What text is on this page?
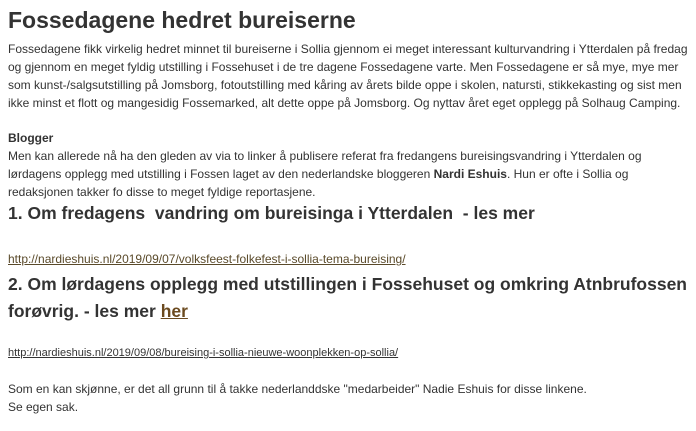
Fossedagene hedret bureiserne

Fossedagene fikk virkelig hedret minnet til bureiserne i Sollia gjennom ei meget interessant kulturvandring i Ytterdalen på fredag og gjennom en meget fyldig utstilling i Fossehuset i de tre dagene Fossedagene varte. Men Fossedagene er så mye, mye mer som kunst-/salgsutstilling på Jomsborg, fotoutstilling med kåring av årets bilde oppe i skolen, natursti, stikkekasting og sist men ikke minst et flott og mangesidig Fossemarked, alt dette oppe på Jomsborg. Og nyttav året eget opplegg på Solhaug Camping.

Blogger

Men kan allerede nå ha den gleden av via to linker å publisere referat fra fredangens bureisingsvandring i Ytterdalen og lørdagens opplegg med utstilling i Fossen laget av den nederlandske bloggeren Nardi Eshuis. Hun er ofte i Sollia og redaksjonen takker fo disse to meget fyldige reportasjene.

1. Om fredagens  vandring om bureisinga i Ytterdalen  - les mer
http://nardieshuis.nl/2019/09/07/volksfeest-folkefest-i-sollia-tema-bureising/
2. Om lørdagens opplegg med utstillingen i Fossehuset og omkring Atnbrufossen forøvrig. - les mer her
http://nardieshuis.nl/2019/09/08/bureising-i-sollia-nieuwe-woonplekken-op-sollia/

Som en kan skjønne, er det all grunn til å takke nederlanddske "medarbeider" Nadie Eshuis for disse linkene.
Se egen sak.
